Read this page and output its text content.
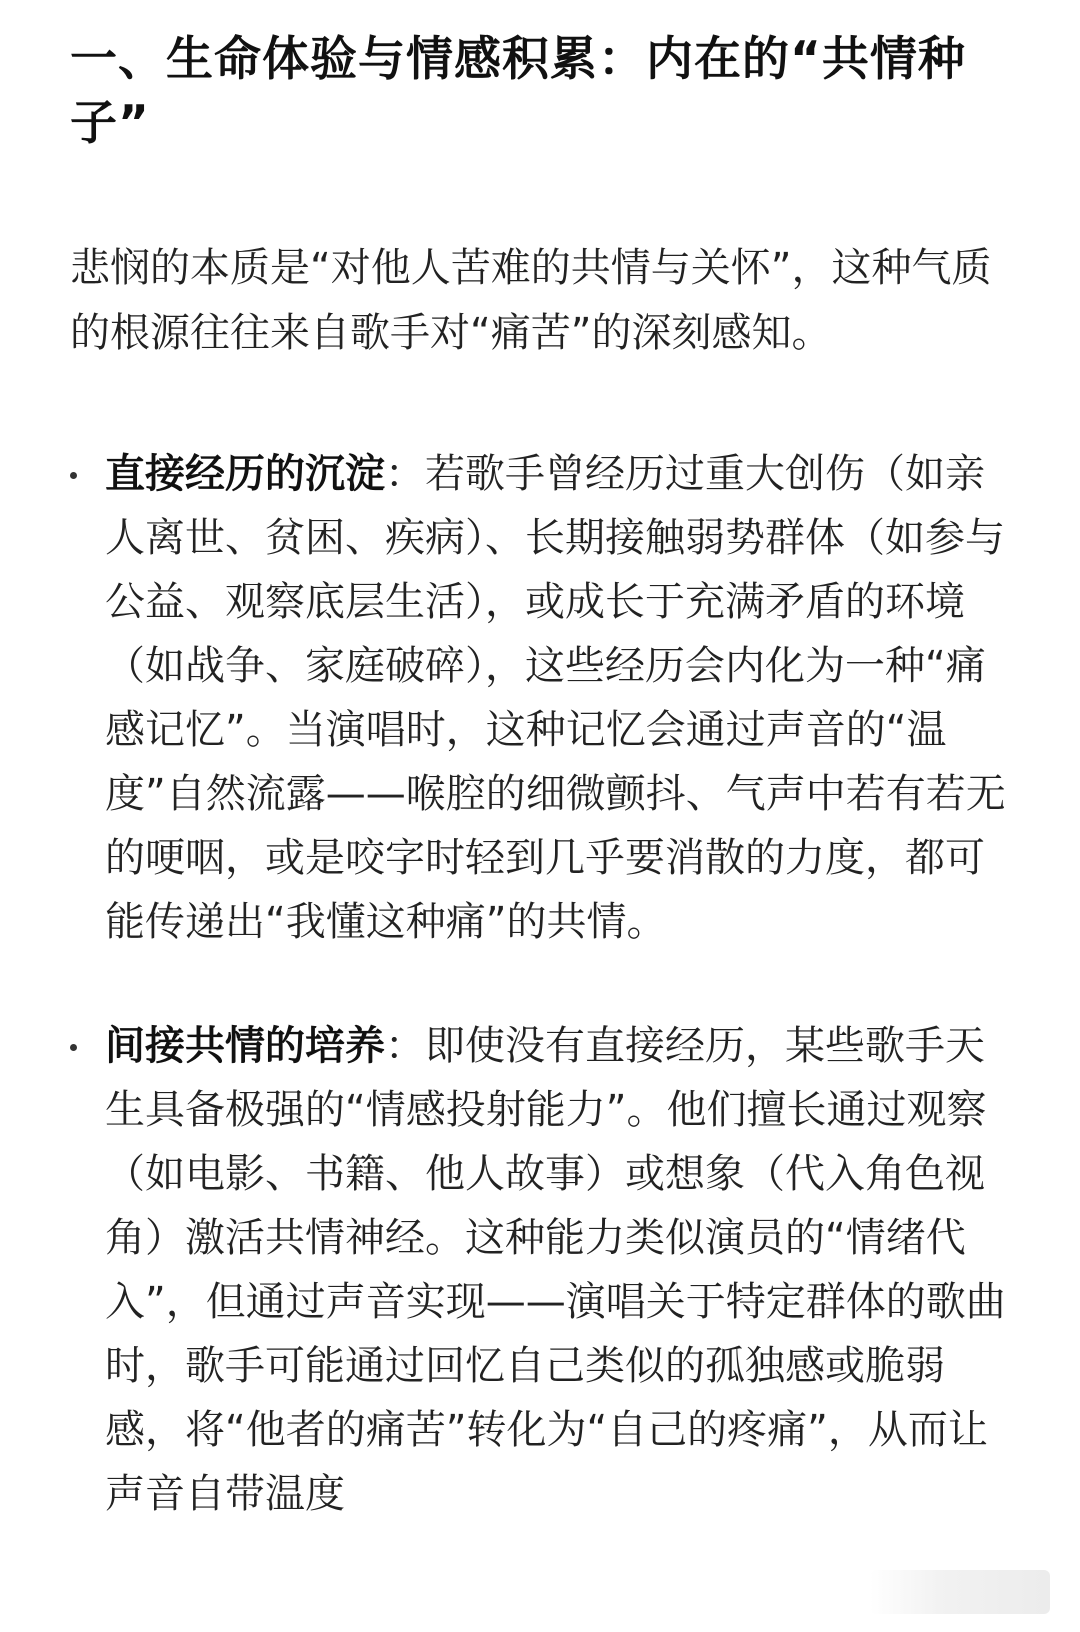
一、生命体验与情感积累：内在的“共情种子”

悲悯的本质是“对他人苦难的共情与关怀”，这种气质的根源往往来自歌手对“痛苦”的深刻感知。

直接经历的沉淀：若歌手曾经历过重大创伤（如亲人离世、贫困、疾病）、长期接触弱势群体（如参与公益、观察底层生活），或成长于充满矛盾的环境（如战争、家庭破碎），这些经历会内化为一种“痛感记忆”。当演唱时，这种记忆会通过声音的“温度”自然流露——喉腔的细微颤抖、气声中若有若无的哽咽，或是咬字时轻到几乎要消散的力度，都可能传递出“我懂这种痛”的共情。
间接共情的培养：即使没有直接经历，某些歌手天生具备极强的“情感投射能力”。他们擅长通过观察（如电影、书籍、他人故事）或想象（代入角色视角）激活共情神经。这种能力类似演员的“情绪代入”，但通过声音实现——演唱关于特定群体的歌曲时，歌手可能通过回忆自己类似的孤独感或脆弱感，将“他者的痛苦”转化为“自己的疼痛”，从而让声音自带温度
